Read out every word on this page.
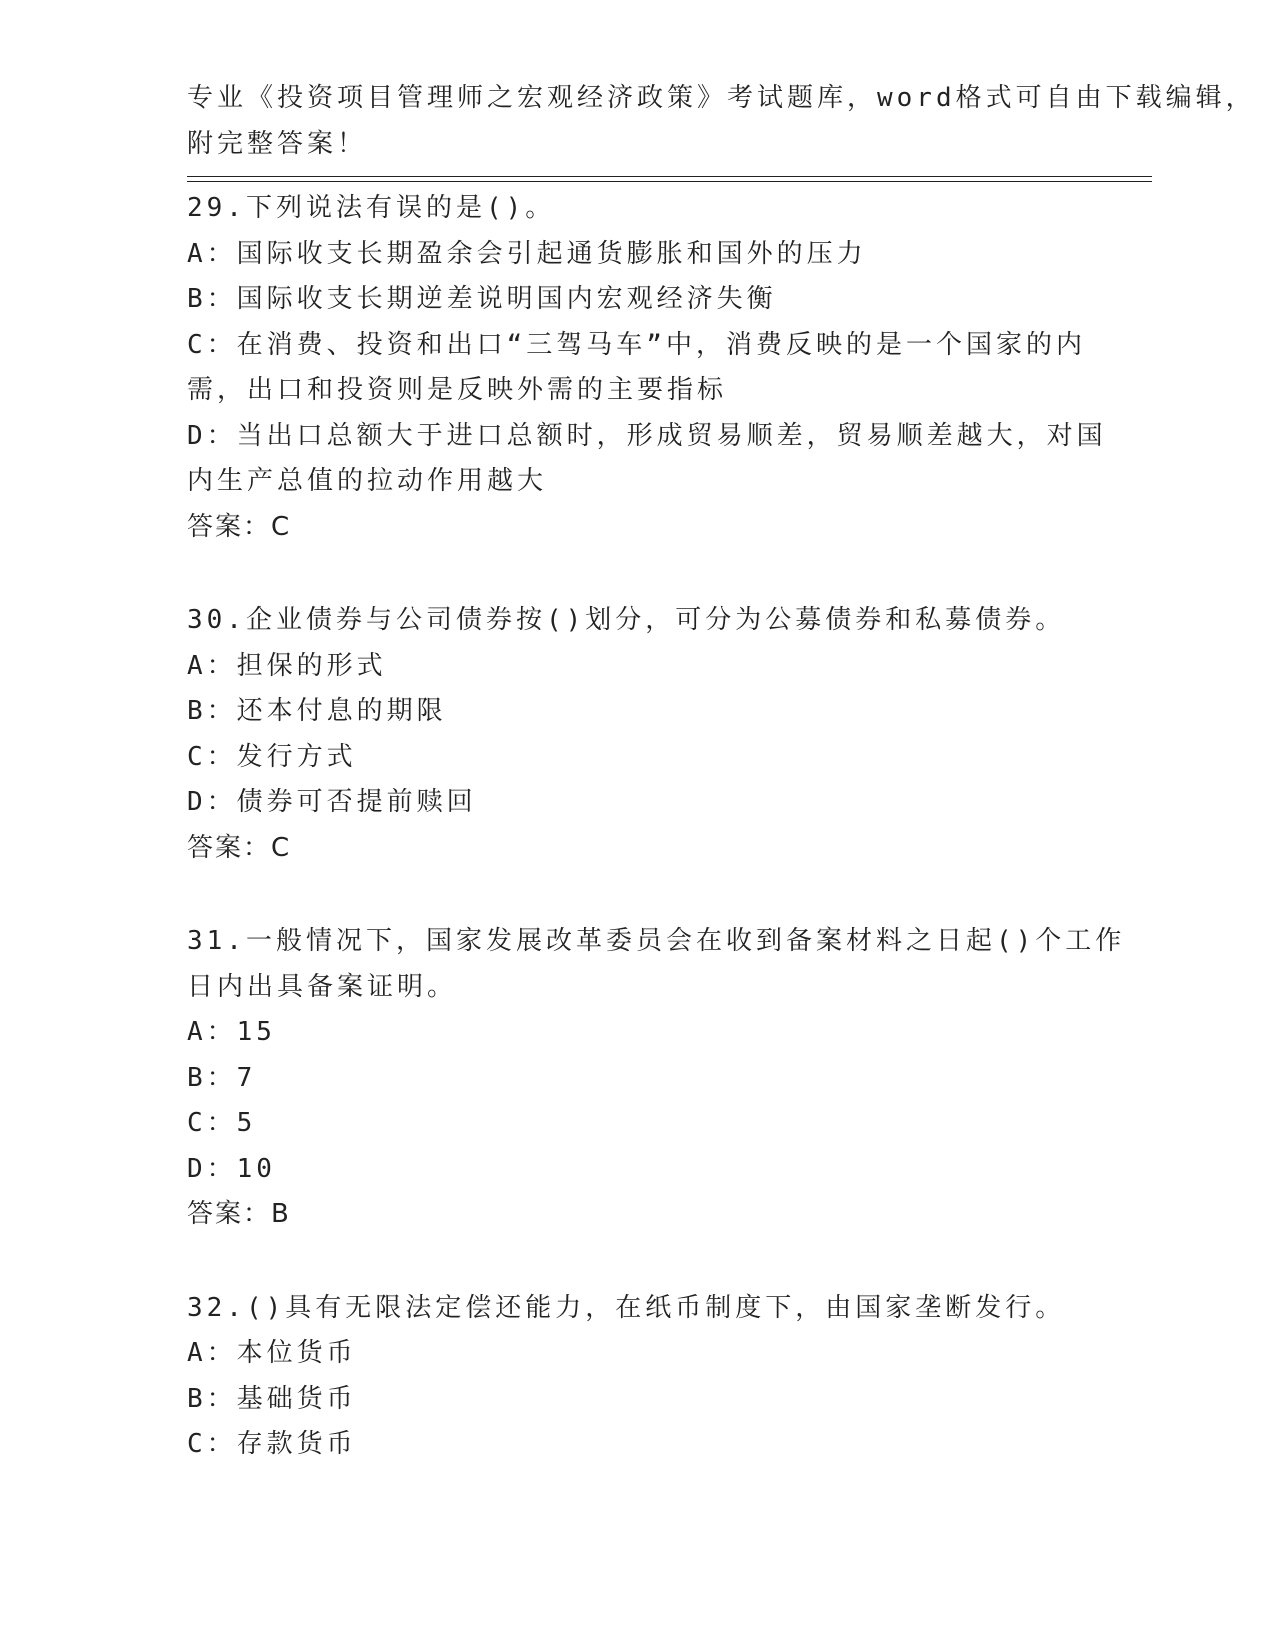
专业《投资项目管理师之宏观经济政策》考试题库，word格式可自由下载编辑，
附完整答案！
29.下列说法有误的是()。
A：国际收支长期盈余会引起通货膨胀和国外的压力
B：国际收支长期逆差说明国内宏观经济失衡
C：在消费、投资和出口“三驾马车”中，消费反映的是一个国家的内
需，出口和投资则是反映外需的主要指标
D：当出口总额大于进口总额时，形成贸易顺差，贸易顺差越大，对国
内生产总值的拉动作用越大
答案：C
30.企业债券与公司债券按()划分，可分为公募债券和私募债券。
A：担保的形式
B：还本付息的期限
C：发行方式
D：债券可否提前赎回
答案：C
31.一般情况下，国家发展改革委员会在收到备案材料之日起()个工作
日内出具备案证明。
A：15
B：7
C：5
D：10
答案：B
32.()具有无限法定偿还能力，在纸币制度下，由国家垄断发行。
A：本位货币
B：基础货币
C：存款货币
